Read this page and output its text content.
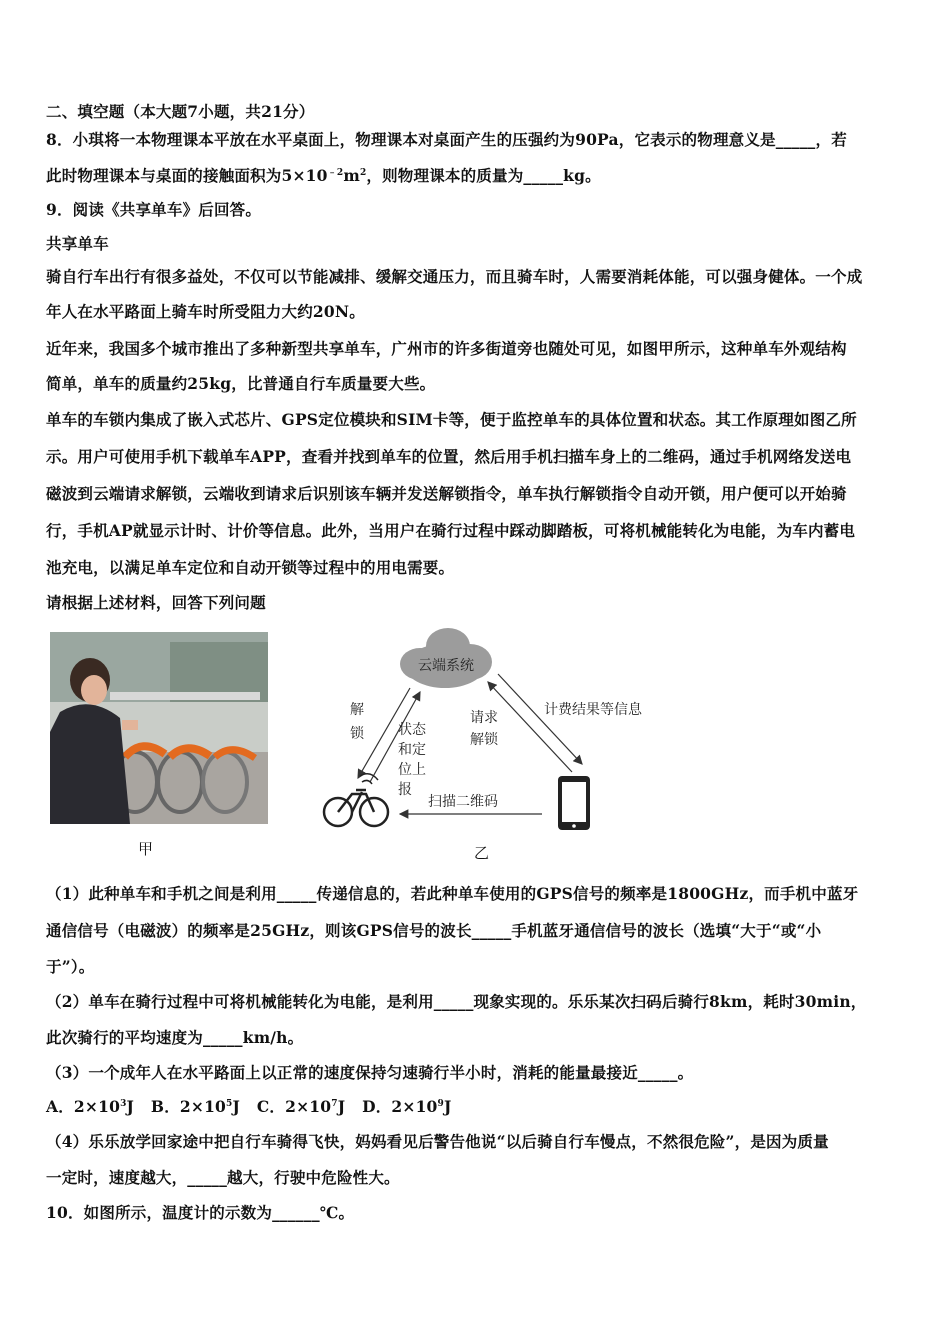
二、填空题（本大题7小题，共21分）
8．小琪将一本物理课本平放在水平桌面上，物理课本对桌面产生的压强约为90Pa，它表示的物理意义是_____，若
此时物理课本与桌面的接触面积为$5\times 10^{﹣2}m^2$，则物理课本的质量为_____kg。
9．阅读《共享单车》后回答。
共享单车
骑自行车出行有很多益处，不仅可以节能减排、缓解交通压力，而且骑车时，人需要消耗体能，可以强身健体。一个成
年人在水平路面上骑车时所受阻力大约20N。
近年来，我国多个城市推出了多种新型共享单车，广州市的许多街道旁也随处可见，如图甲所示，这种单车外观结构
简单，单车的质量约25kg，比普通自行车质量要大些。
单车的车锁内集成了嵌入式芯片、GPS定位模块和SIM卡等，便于监控单车的具体位置和状态。其工作原理如图乙所
示。用户可使用手机下载单车APP，查看并找到单车的位置，然后用手机扫描车身上的二维码，通过手机网络发送电
磁波到云端请求解锁，云端收到请求后识别该车辆并发送解锁指令，单车执行解锁指令自动开锁，用户便可以开始骑
行，手机AP就显示计时、计价等信息。此外，当用户在骑行过程中踩动脚踏板，可将机械能转化为电能，为车内蓄电
池充电，以满足单车定位和自动开锁等过程中的用电需要。
请根据上述材料，回答下列问题
甲
云端系统
解
锁 状态
和定
位上
报
请求
解锁
计费结果等信息
扫描二维码
乙
（1）此种单车和手机之间是利用_____传递信息的，若此种单车使用的GPS信号的频率是1800GHz，而手机中蓝牙
通信信号（电磁波）的频率是25GHz，则该GPS信号的波长_____手机蓝牙通信信号的波长（选填“大于“或“小
于”）。
（2）单车在骑行过程中可将机械能转化为电能，是利用_____现象实现的。乐乐某次扫码后骑行8km，耗时30min，
此次骑行的平均速度为_____km/h。
（3）一个成年人在水平路面上以正常的速度保持匀速骑行半小时，消耗的能量最接近_____。
A．$2\times 10^3J$ B．$2\times 10^5J$ C．$2\times 10^7J$ D．$2\times 10^9J$
（4）乐乐放学回家途中把自行车骑得飞快，妈妈看见后警告他说“以后骑自行车慢点，不然很危险”，是因为质量
一定时，速度越大，_____越大，行驶中危险性大。
10．如图所示，温度计的示数为______℃。
